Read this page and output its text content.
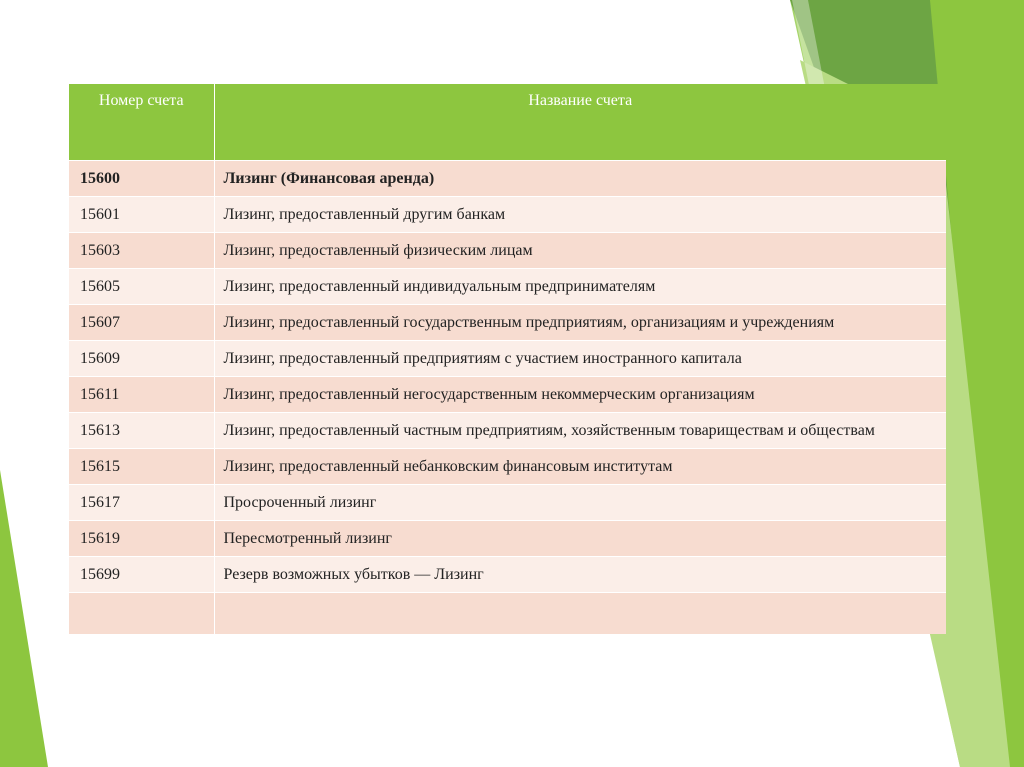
Номер счета	Название счета
15600	Лизинг (Финансовая аренда)
15601	Лизинг, предоставленный другим банкам
15603	Лизинг, предоставленный физическим лицам
15605	Лизинг, предоставленный индивидуальным предпринимателям
15607	Лизинг, предоставленный государственным предприятиям, организациям и учреждениям
15609	Лизинг, предоставленный предприятиям с участием иностранного капитала
15611	Лизинг, предоставленный негосударственным некоммерческим организациям
15613	Лизинг, предоставленный частным предприятиям, хозяйственным товариществам и обществам
15615	Лизинг, предоставленный небанковским финансовым институтам
15617	Просроченный лизинг
15619	Пересмотренный лизинг
15699	Резерв возможных убытков — Лизинг
